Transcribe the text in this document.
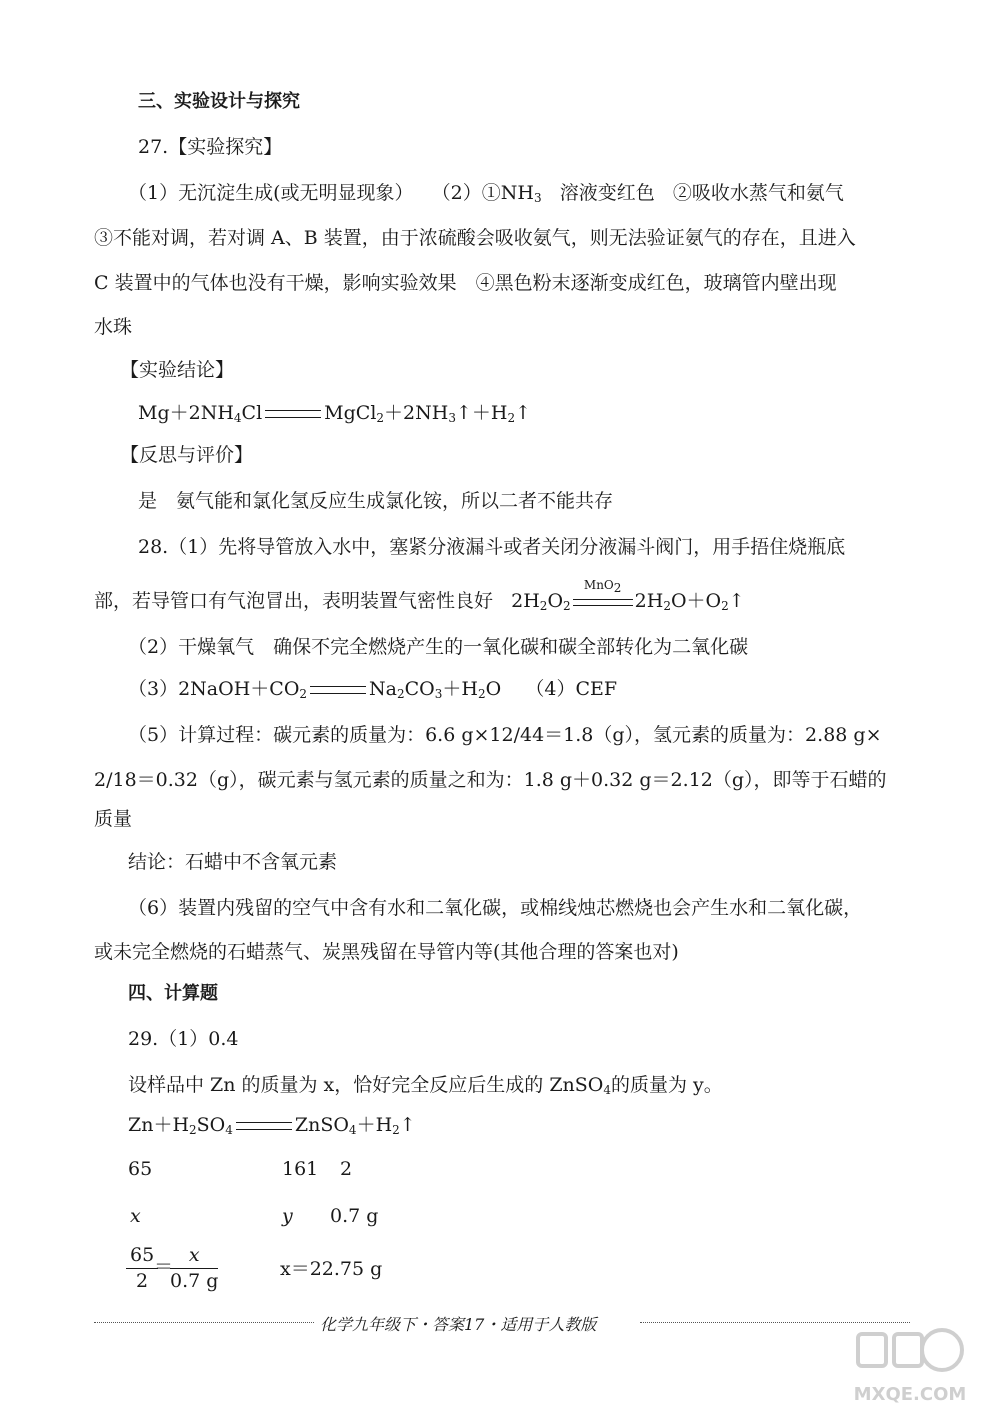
三、实验设计与探究
27.【实验探究】
（1）无沉淀生成(或无明显现象） $(2)①NH_3$ 溶液变红色 ②吸收水蒸气和氨气
③不能对调，若对调 A、B 装置，由于浓硫酸会吸收氨气，则无法验证氨气的存在，且进入
C 装置中的气体也没有干燥，影响实验效果　④黑色粉末逐渐变成红色，玻璃管内壁出现
水珠
【实验结论】
$Mg+2NH_4Cl$	$MgCl_2+2NH_3↑+H_2↑$
【反思与评价】
是　氨气能和氯化氢反应生成氯化铵，所以二者不能共存
28.（1）先将导管放入水中，塞紧分液漏斗或者关闭分液漏斗阀门，用手捂住烧瓶底
部，若导管口有气泡冒出，表明装置气密性良好   $2H_2O_2$
MnO$_2$
$2H_2O+O_2↑$
（2）干燥氧气　确保不完全燃烧产生的一氧化碳和碳全部转化为二氧化碳
$(3)2NaOH+CO_2$	$Na_2CO_3+H_2O$    （4）CEF
（5）计算过程：碳元素的质量为：6.6 g×12/44＝1.8（g），氢元素的质量为：2.88 g×
2/18＝0.32（g），碳元素与氢元素的质量之和为：1.8 g＋0.32 g＝2.12（g），即等于石蜡的
质量
结论：石蜡中不含氧元素
（6）装置内残留的空气中含有水和二氧化碳，或棉线烛芯燃烧也会产生水和二氧化碳，
或未完全燃烧的石蜡蒸气、炭黑残留在导管内等(其他合理的答案也对)
四、计算题
29.（1）0.4
设样品中 Zn 的质量为 x，恰好完全反应后生成的 ZnSO$_4$的质量为 y。
$Zn+H_2SO_4$	$ZnSO_4+H_2↑$
65	161 2
x	y 0.7 g
$\frac{65}{2}$
＝
$\frac{x}{0.7 g}$	x＝22.75 g
化学九年级下・答案17・适用于人教版
MXQE.COM
